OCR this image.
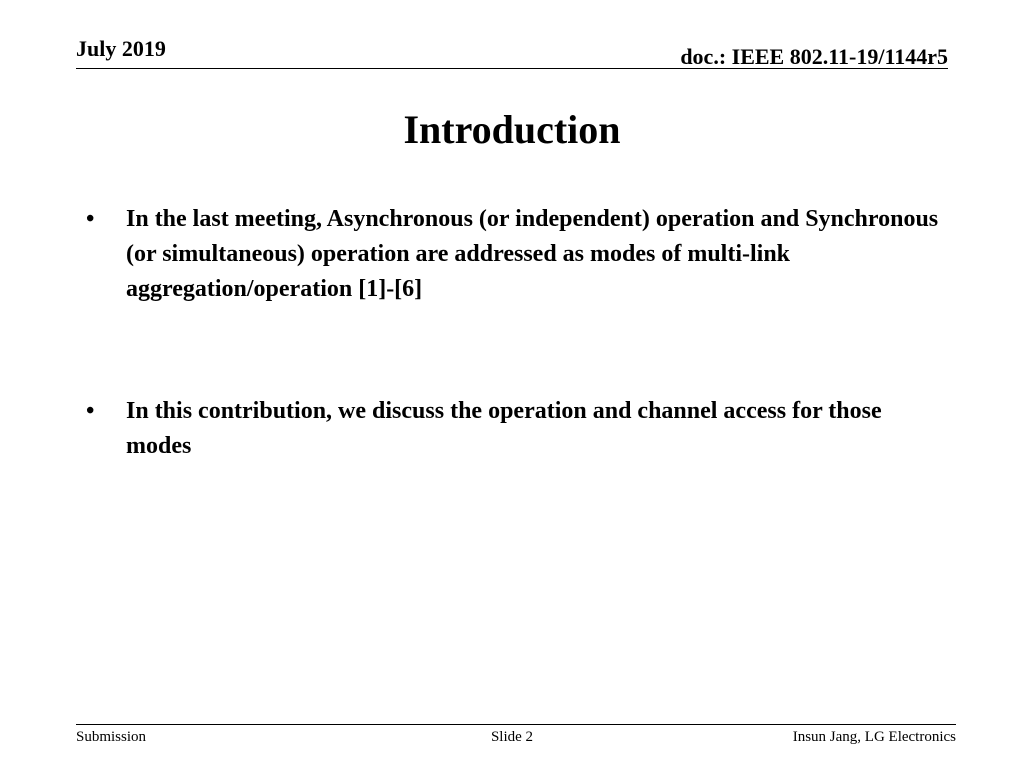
July 2019	doc.: IEEE 802.11-19/1144r5
Introduction
•	In the last meeting, Asynchronous (or independent) operation and Synchronous (or simultaneous) operation are addressed as modes of multi-link aggregation/operation [1]-[6]
•	In this contribution, we discuss the operation and channel access for those modes
Submission	Slide 2	Insun Jang, LG Electronics
